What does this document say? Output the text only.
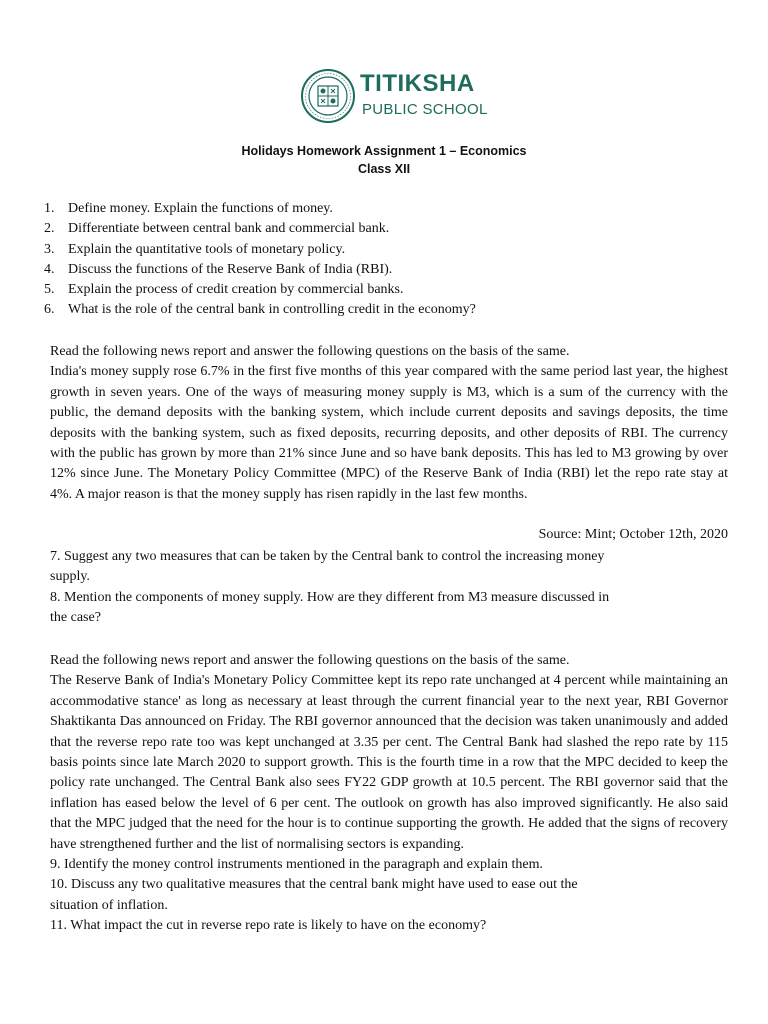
TITIKSHA
PUBLIC SCHOOL
Holidays Homework Assignment 1 – Economics
Class XII
1. Define money. Explain the functions of money.
2. Differentiate between central bank and commercial bank.
3. Explain the quantitative tools of monetary policy.
4. Discuss the functions of the Reserve Bank of India (RBI).
5. Explain the process of credit creation by commercial banks.
6. What is the role of the central bank in controlling credit in the economy?
Read the following news report and answer the following questions on the basis of the same.
India's money supply rose 6.7% in the first five months of this year compared with the same period last year, the highest growth in seven years. One of the ways of measuring money supply is M3, which is a sum of the currency with the public, the demand deposits with the banking system, which include current deposits and savings deposits, the time deposits with the banking system, such as fixed deposits, recurring deposits, and other deposits of RBI. The currency with the public has grown by more than 21% since June and so have bank deposits. This has led to M3 growing by over 12% since June. The Monetary Policy Committee (MPC) of the Reserve Bank of India (RBI) let the repo rate stay at 4%. A major reason is that the money supply has risen rapidly in the last few months.
Source: Mint; October 12th, 2020
7. Suggest any two measures that can be taken by the Central bank to control the increasing money
supply.
8. Mention the components of money supply. How are they different from M3 measure discussed in
the case?
Read the following news report and answer the following questions on the basis of the same.
The Reserve Bank of India's Monetary Policy Committee kept its repo rate unchanged at 4 percent while maintaining an accommodative stance' as long as necessary at least through the current financial year to the next year, RBI Governor Shaktikanta Das announced on Friday. The RBI governor announced that the decision was taken unanimously and added that the reverse repo rate too was kept unchanged at 3.35 per cent. The Central Bank had slashed the repo rate by 115 basis points since late March 2020 to support growth. This is the fourth time in a row that the MPC decided to keep the policy rate unchanged. The Central Bank also sees FY22 GDP growth at 10.5 percent. The RBI governor said that the inflation has eased below the level of 6 per cent. The outlook on growth has also improved significantly. He also said that the MPC judged that the need for the hour is to continue supporting the growth. He added that the signs of recovery have strengthened further and the list of normalising sectors is expanding.
9. Identify the money control instruments mentioned in the paragraph and explain them.
10. Discuss any two qualitative measures that the central bank might have used to ease out the
situation of inflation.
11. What impact the cut in reverse repo rate is likely to have on the economy?
